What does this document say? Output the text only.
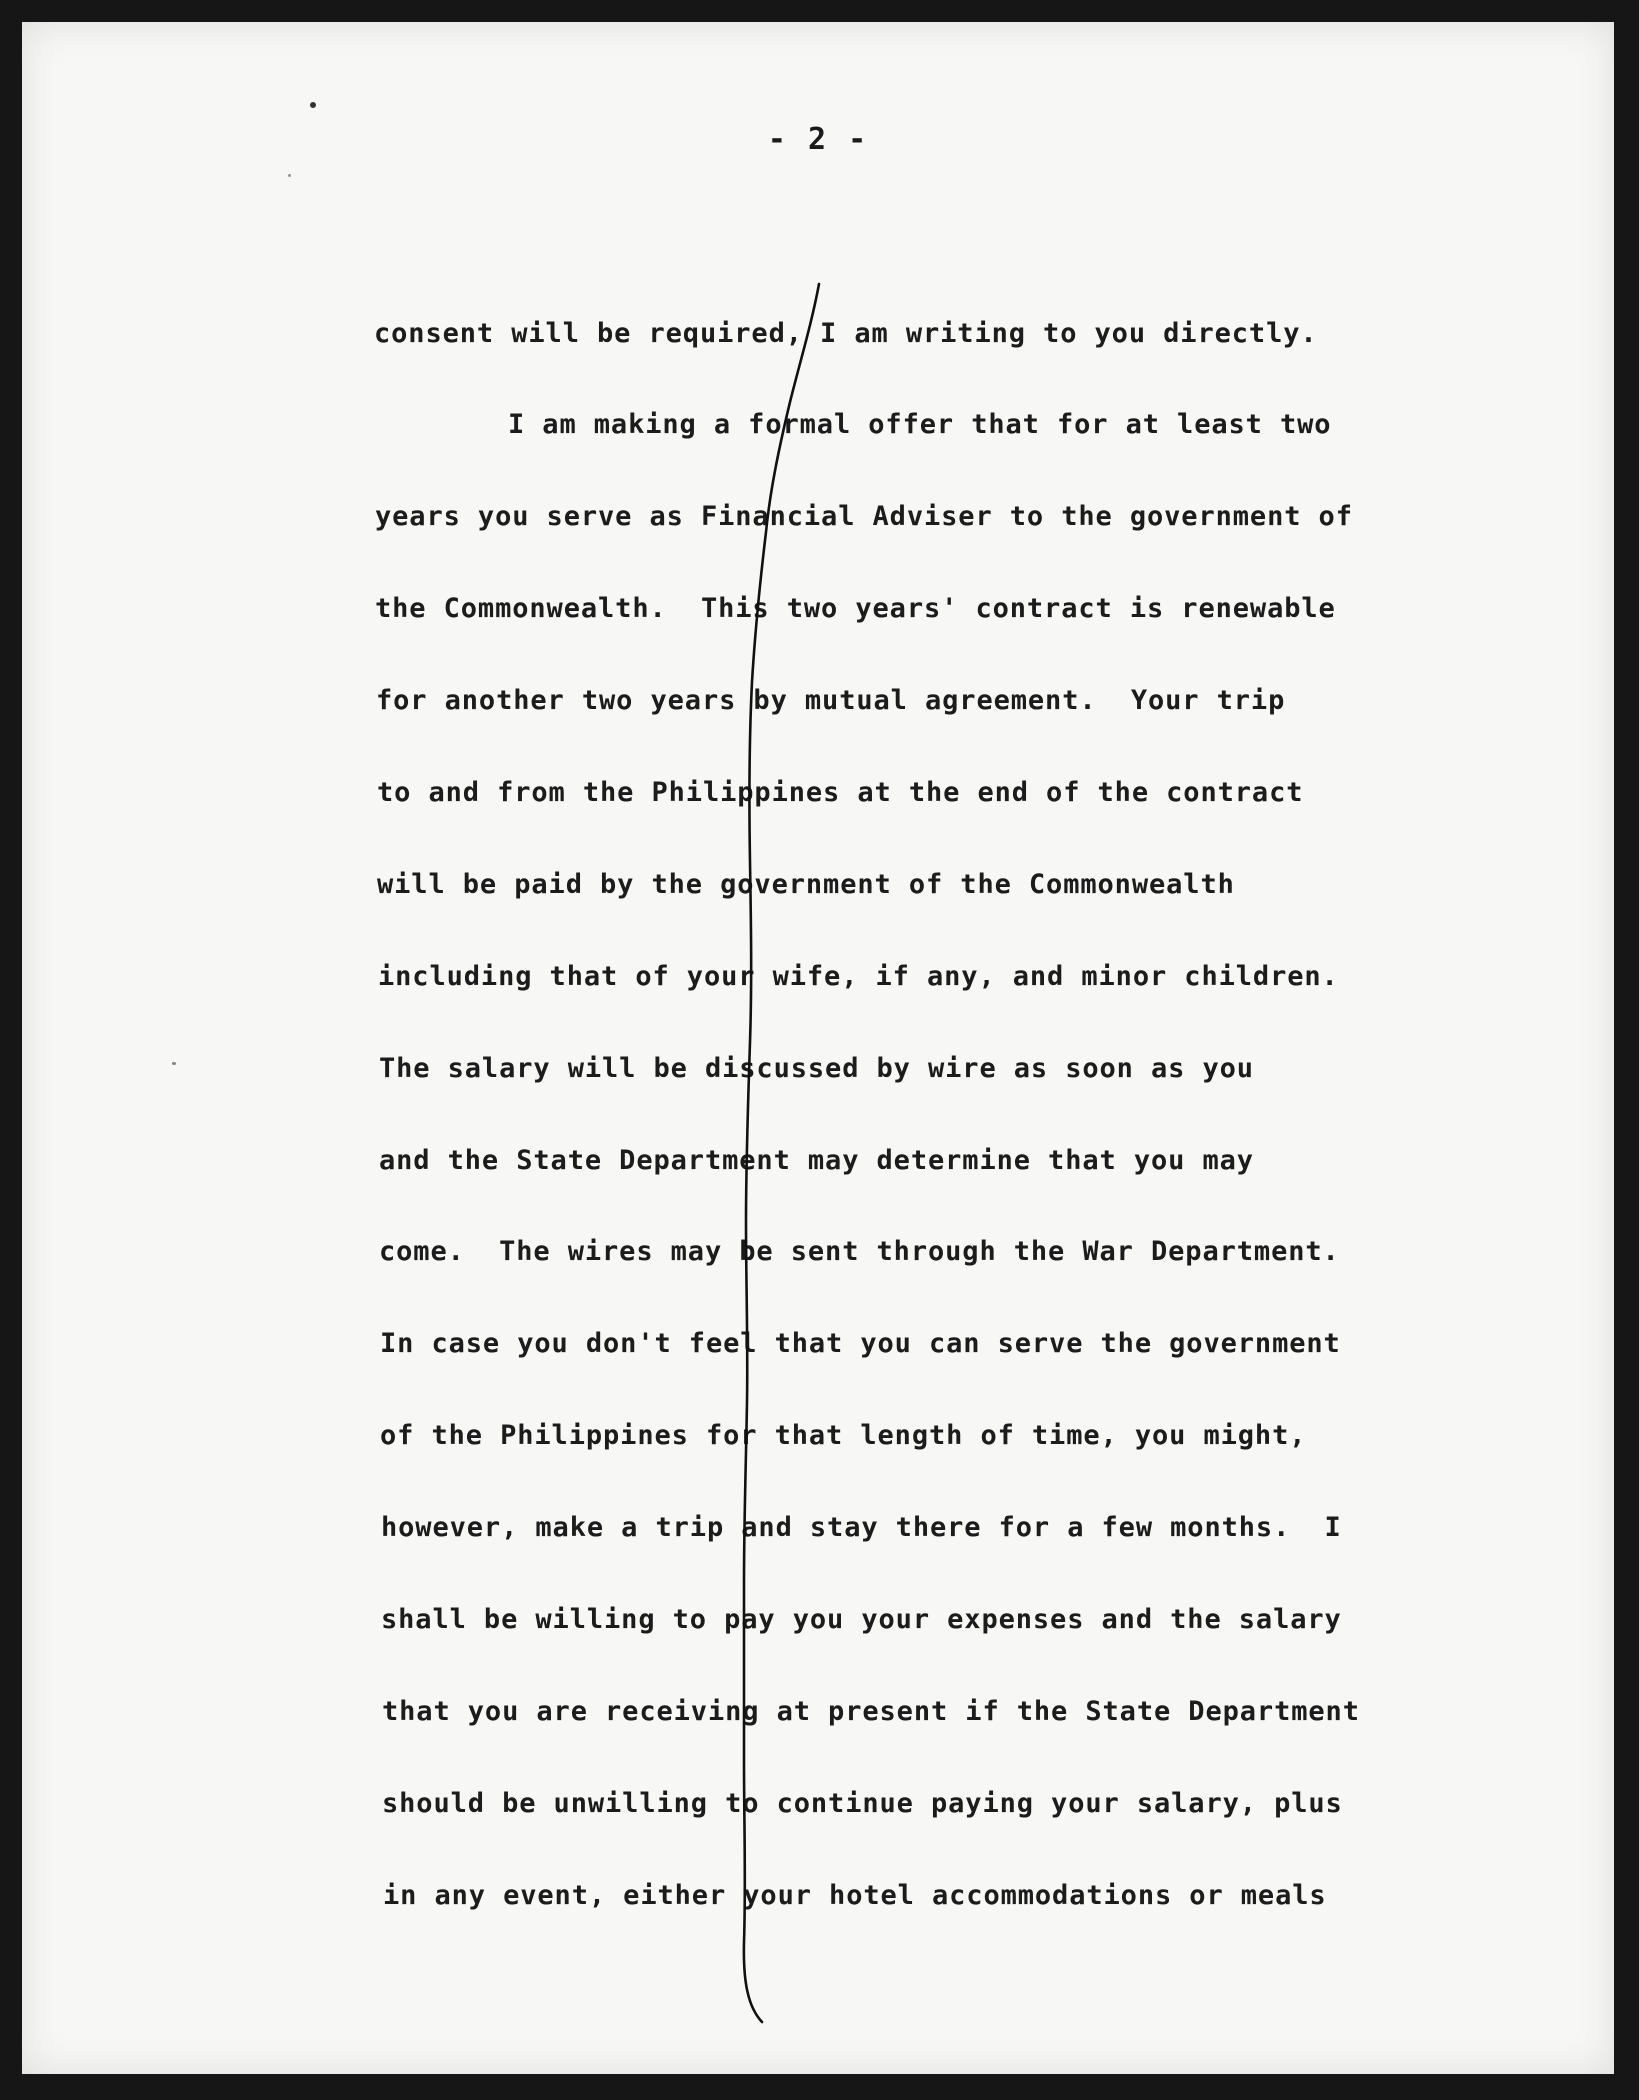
- 2 -
consent will be required, I am writing to you directly.
I am making a formal offer that for at least two
years you serve as Financial Adviser to the government of
the Commonwealth.  This two years' contract is renewable
for another two years by mutual agreement.  Your trip
to and from the Philippines at the end of the contract
will be paid by the government of the Commonwealth
including that of your wife, if any, and minor children.
The salary will be discussed by wire as soon as you
and the State Department may determine that you may
come.  The wires may be sent through the War Department.
In case you don't feel that you can serve the government
of the Philippines for that length of time, you might,
however, make a trip and stay there for a few months.  I
shall be willing to pay you your expenses and the salary
that you are receiving at present if the State Department
should be unwilling to continue paying your salary, plus
in any event, either your hotel accommodations or meals
